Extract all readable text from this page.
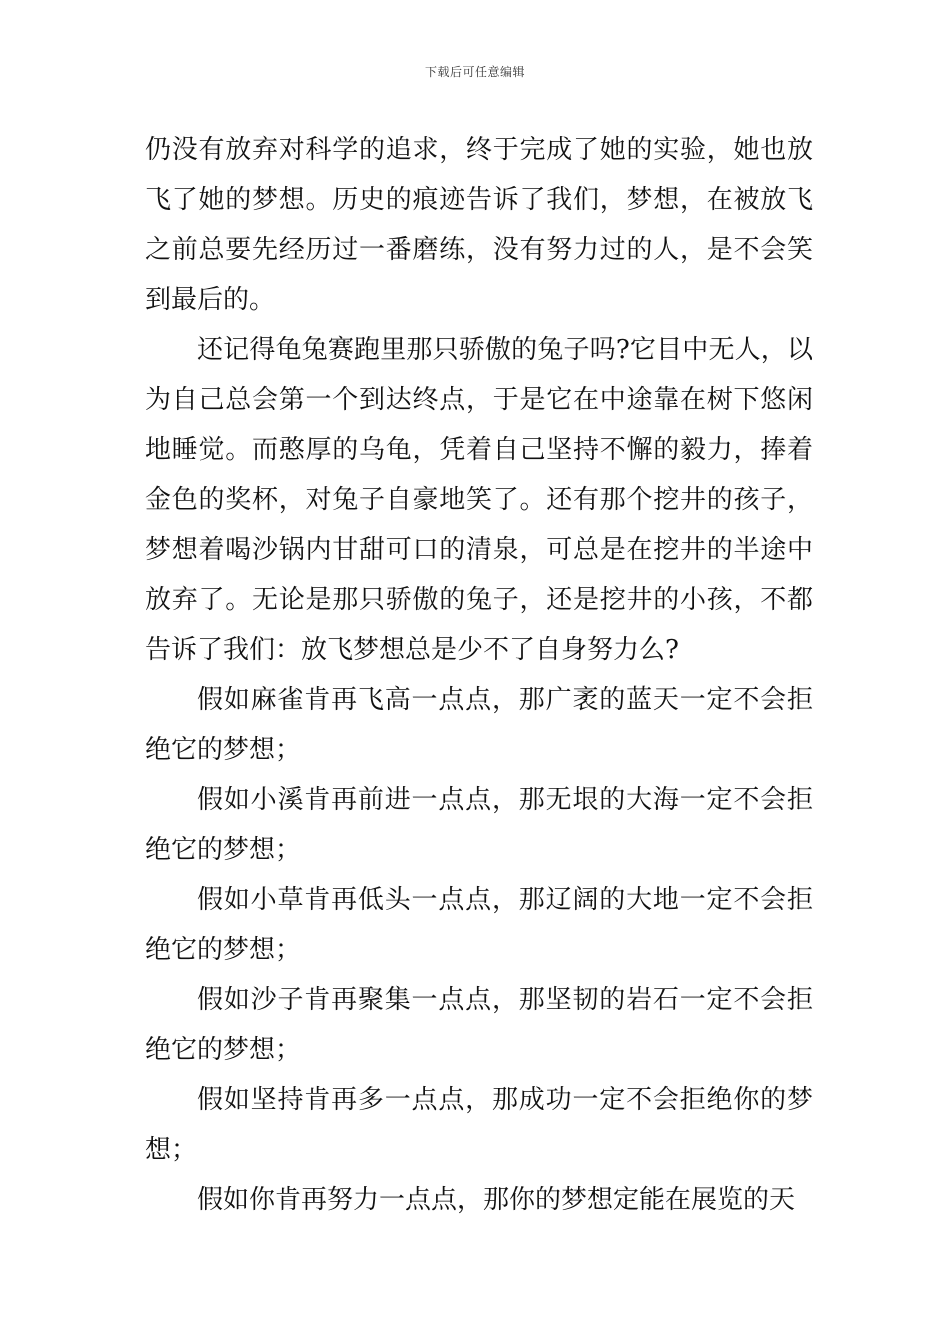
下载后可任意编辑

仍没有放弃对科学的追求，终于完成了她的实验，她也放飞了她的梦想。历史的痕迹告诉了我们，梦想，在被放飞之前总要先经历过一番磨练，没有努力过的人，是不会笑到最后的。

还记得龟兔赛跑里那只骄傲的兔子吗?它目中无人，以为自己总会第一个到达终点，于是它在中途靠在树下悠闲地睡觉。而憨厚的乌龟，凭着自己坚持不懈的毅力，捧着金色的奖杯，对兔子自豪地笑了。还有那个挖井的孩子，梦想着喝沙锅内甘甜可口的清泉，可总是在挖井的半途中放弃了。无论是那只骄傲的兔子，还是挖井的小孩，不都告诉了我们：放飞梦想总是少不了自身努力么?

假如麻雀肯再飞高一点点，那广袤的蓝天一定不会拒绝它的梦想；

假如小溪肯再前进一点点，那无垠的大海一定不会拒绝它的梦想；

假如小草肯再低头一点点，那辽阔的大地一定不会拒绝它的梦想；

假如沙子肯再聚集一点点，那坚韧的岩石一定不会拒绝它的梦想；

假如坚持肯再多一点点，那成功一定不会拒绝你的梦想；

假如你肯再努力一点点，那你的梦想定能在展览的天
